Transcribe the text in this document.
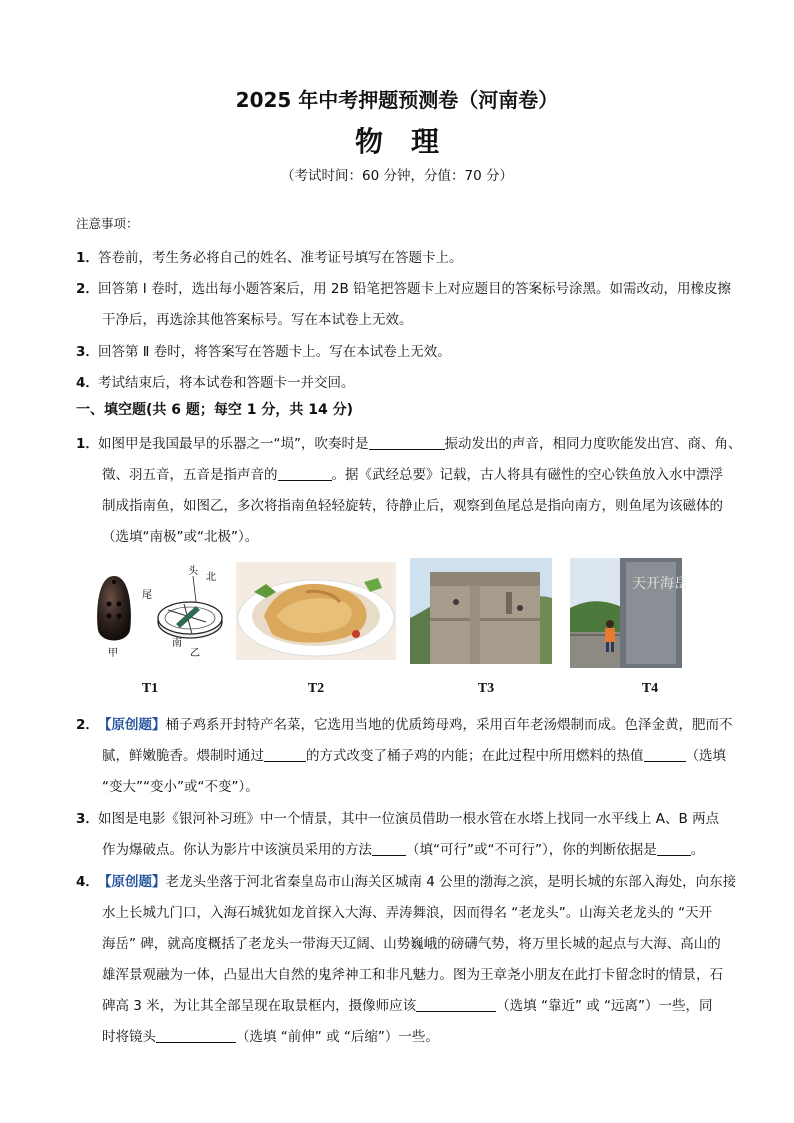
2025 年中考押题预测卷（河南卷）
物理
（考试时间：60 分钟，分值：70 分）
注意事项：
1．答卷前，考生务必将自己的姓名、准考证号填写在答题卡上。
2．回答第 Ⅰ 卷时，选出每小题答案后，用 2B 铅笔把答题卡上对应题目的答案标号涂黑。如需改动，用橡皮擦
干净后，再选涂其他答案标号。写在本试卷上无效。
3．回答第 Ⅱ 卷时，将答案写在答题卡上。写在本试卷上无效。
4．考试结束后，将本试卷和答题卡一并交回。
一、填空题(共 6 题；每空 1 分，共 14 分)
1．如图甲是我国最早的乐器之一“埙”，吹奏时是	振动发出的声音，相同力度吹能发出宫、商、角、
徵、羽五音，五音是指声音的	。据《武经总要》记载，古人将具有磁性的空心铁鱼放入水中漂浮
制成指南鱼，如图乙，多次将指南鱼轻轻旋转，待静止后，观察到鱼尾总是指向南方，则鱼尾为该磁体的
（选填“南极”或“北极”）。
甲
头
北
尾
南
乙
天开海岳
T1	T2	T3	T4
2．【原创题】桶子鸡系开封特产名菜，它选用当地的优质筠母鸡，采用百年老汤煨制而成。色泽金黄，肥而不
腻，鲜嫩脆香。煨制时通过	的方式改变了桶子鸡的内能；在此过程中所用燃料的热值	（选填
“变大”“变小”或“不变”）。
3．如图是电影《银河补习班》中一个情景，其中一位演员借助一根水管在水塔上找同一水平线上 A、B 两点
作为爆破点。你认为影片中该演员采用的方法	（填“可行”或“不可行”），你的判断依据是	。
4．【原创题】老龙头坐落于河北省秦皇岛市山海关区城南 4 公里的渤海之滨，是明长城的东部入海处，向东接
水上长城九门口，入海石城犹如龙首探入大海、弄涛舞浪，因而得名 “老龙头”。山海关老龙头的 “天开
海岳” 碑，就高度概括了老龙头一带海天辽阔、山势巍峨的磅礴气势，将万里长城的起点与大海、高山的
雄浑景观融为一体，凸显出大自然的鬼斧神工和非凡魅力。图为王章尧小朋友在此打卡留念时的情景，石
碑高 3 米，为让其全部呈现在取景框内，摄像师应该	（选填 “靠近” 或 “远离”）一些，同
时将镜头	（选填 “前伸” 或 “后缩”）一些。
